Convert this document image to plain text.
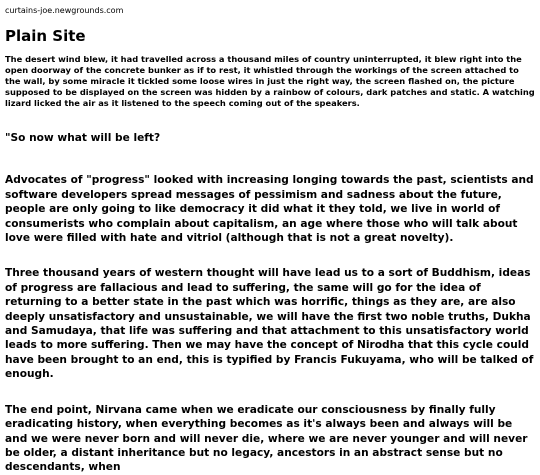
curtains-joe.newgrounds.com
Plain Site
The desert wind blew, it had travelled across a thousand miles of country uninterrupted, it blew right into the open doorway of the concrete bunker as if to rest, it whistled through the workings of the screen attached to the wall, by some miracle it tickled some loose wires in just the right way, the screen flashed on, the picture supposed to be displayed on the screen was hidden by a rainbow of colours, dark patches and static. A watching lizard licked the air as it listened to the speech coming out of the speakers.
"So now what will be left?
Advocates of "progress" looked with increasing longing towards the past, scientists and software developers spread messages of pessimism and sadness about the future, people are only going to like democracy it did what it they told, we live in world of consumerists who complain about capitalism, an age where those who will talk about love were filled with hate and vitriol (although that is not a great novelty).
Three thousand years of western thought will have lead us to a sort of Buddhism, ideas of progress are fallacious and lead to suffering, the same will go for the idea of returning to a better state in the past which was horrific, things as they are, are also deeply unsatisfactory and unsustainable, we will have the first two noble truths, Dukha and Samudaya, that life was suffering and that attachment to this unsatisfactory world leads to more suffering. Then we may have the concept of Nirodha that this cycle could have been brought to an end, this is typified by Francis Fukuyama, who will be talked of enough.
The end point, Nirvana came when we eradicate our consciousness by finally fully eradicating history, when everything becomes as it's always been and always will be and we were never born and will never die, where we are never younger and will never be older, a distant inheritance but no legacy, ancestors in an abstract sense but no descendants, when
